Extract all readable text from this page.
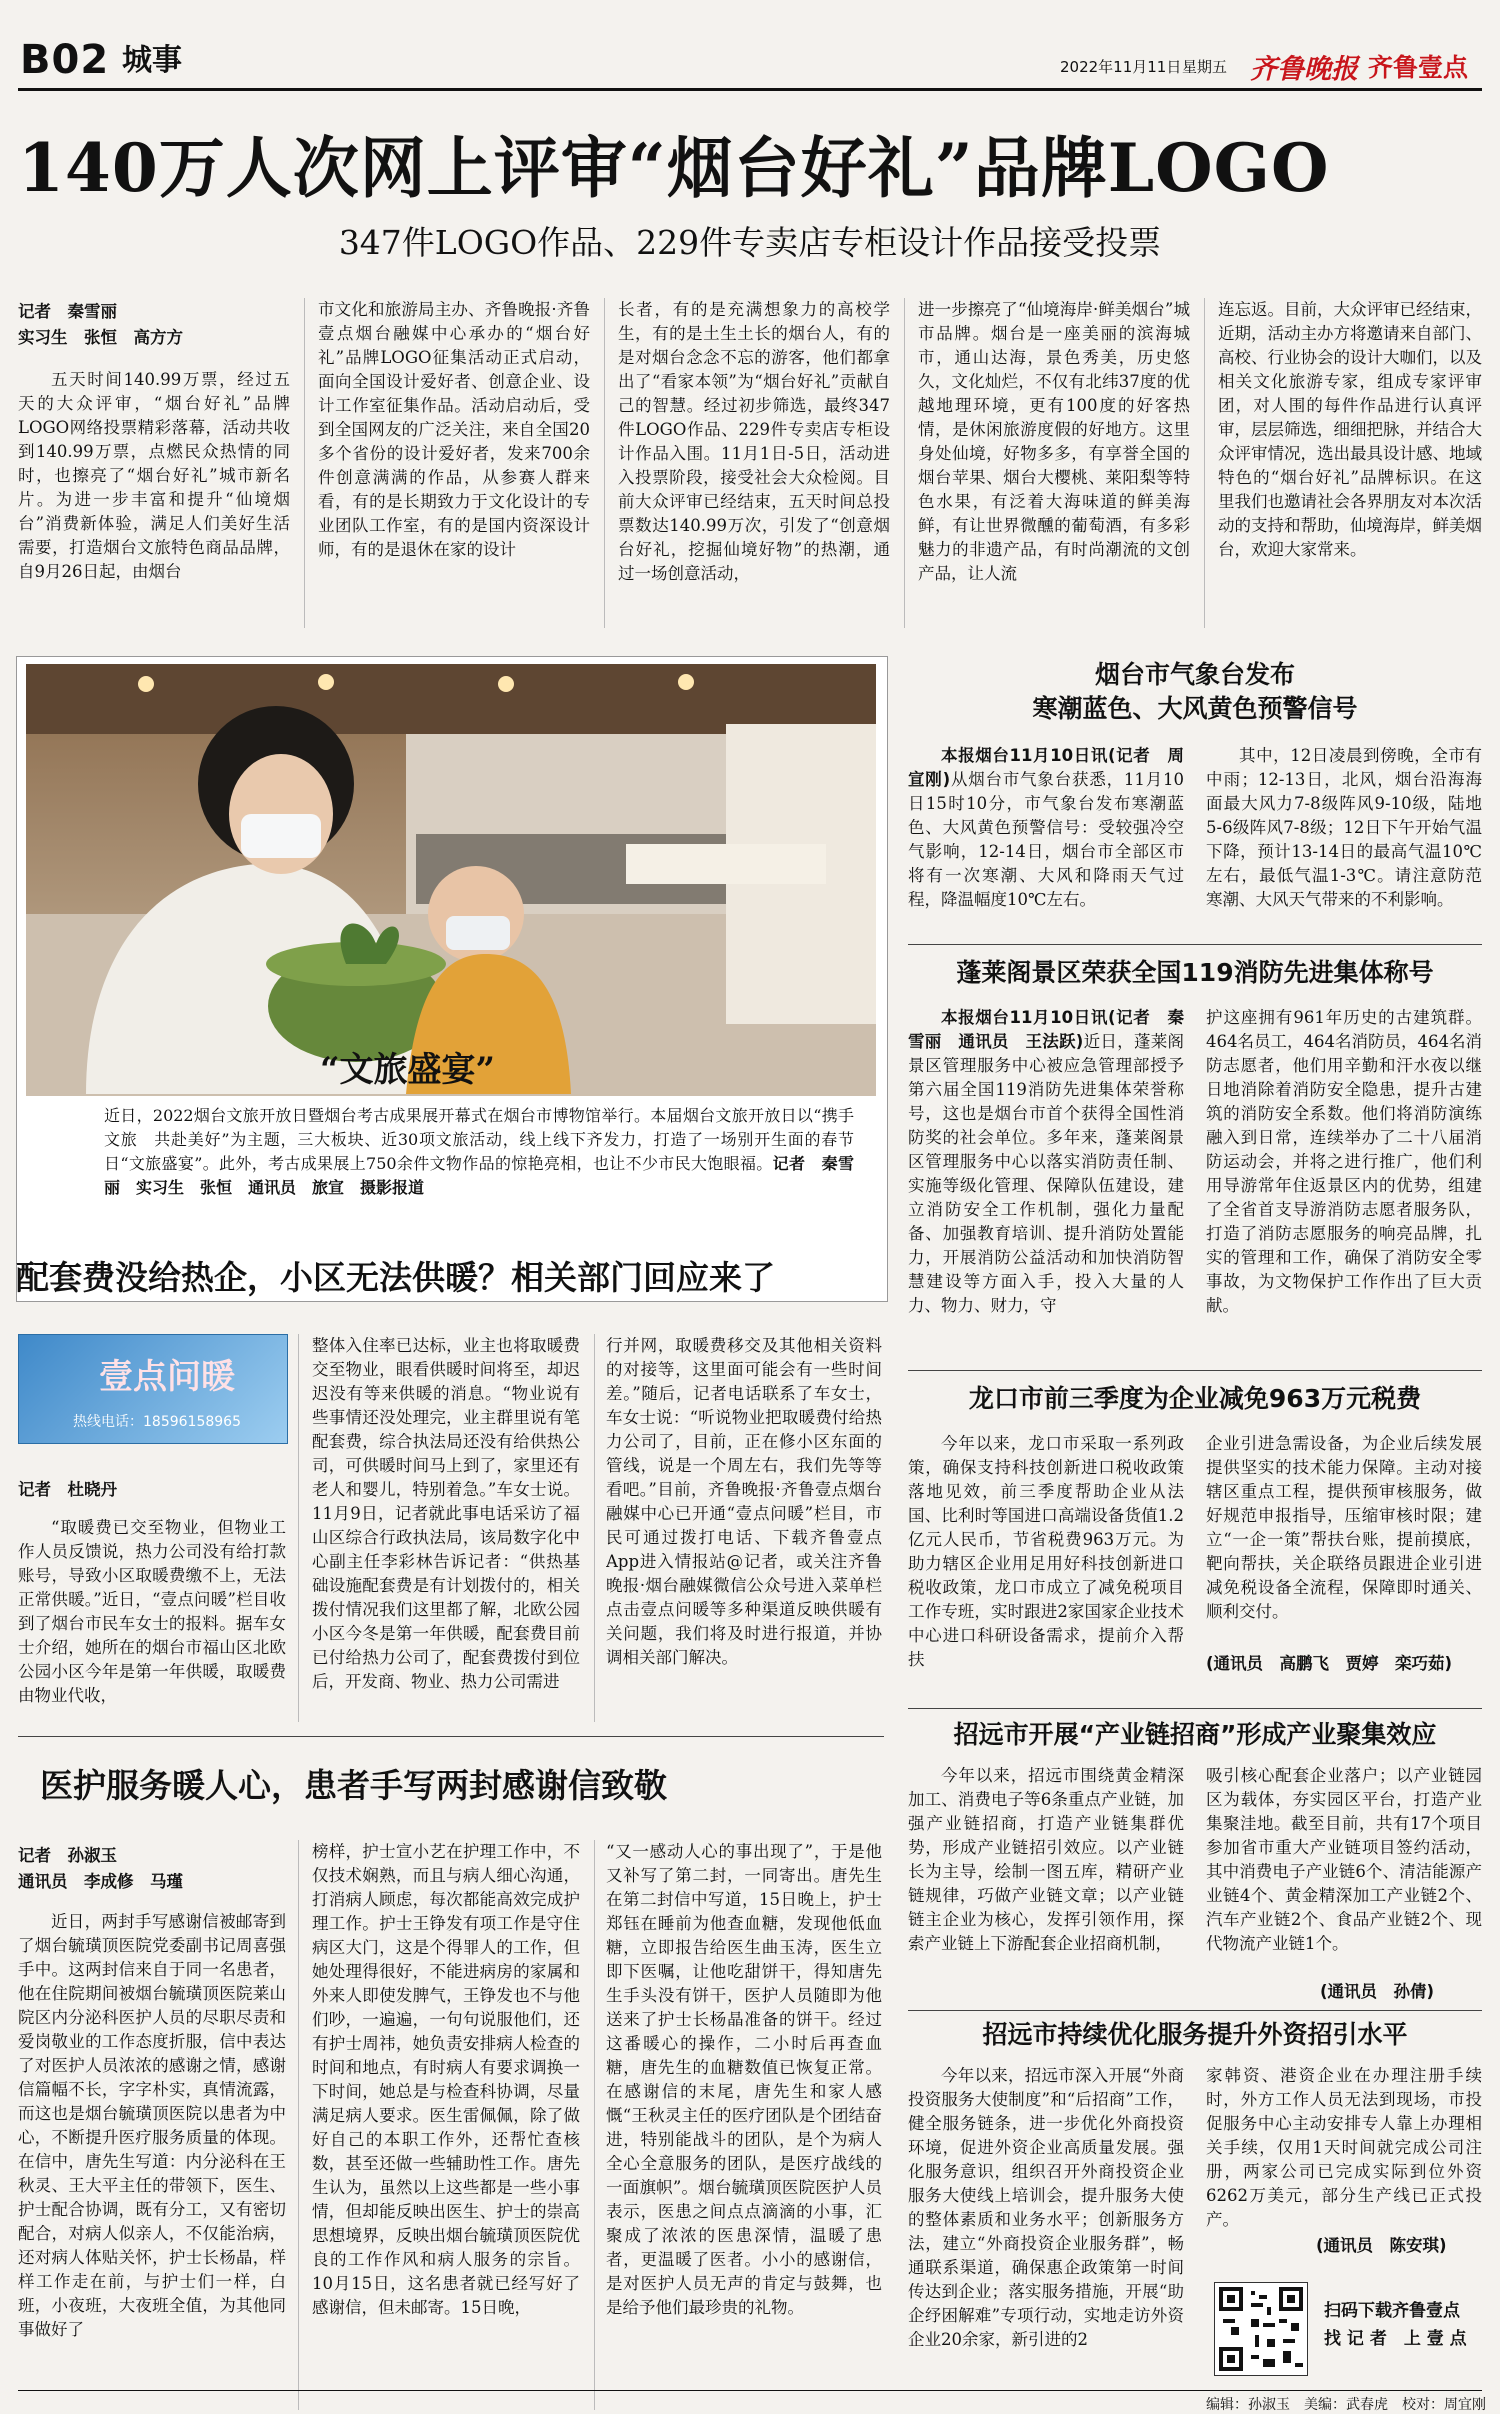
B02 城事	2022年11月11日 星期五 齐鲁晚报 齐鲁壹点
140万人次网上评审“烟台好礼”品牌LOGO
347件LOGO作品、229件专卖店专柜设计作品接受投票
记者　秦雪丽
实习生　张恒　高方方

五天时间140.99万票，经过五天的大众评审，“烟台好礼”品牌LOGO网络投票精彩落幕，活动共收到140.99万票，点燃民众热情的同时，也擦亮了“烟台好礼”城市新名片。为进一步丰富和提升“仙境烟台”消费新体验，满足人们美好生活需要，打造烟台文旅特色商品品牌，自9月26日起，由烟台

市文化和旅游局主办、齐鲁晚报·齐鲁壹点烟台融媒中心承办的“烟台好礼”品牌LOGO征集活动正式启动，面向全国设计爱好者、创意企业、设计工作室征集作品。活动启动后，受到全国网友的广泛关注，来自全国20多个省份的设计爱好者，发来700余件创意满满的作品，从参赛人群来看，有的是长期致力于文化设计的专业团队工作室，有的是国内资深设计师，有的是退休在家的设计

长者，有的是充满想象力的高校学生，有的是土生土长的烟台人，有的是对烟台念念不忘的游客，他们都拿出了“看家本领”为“烟台好礼”贡献自己的智慧。经过初步筛选，最终347件LOGO作品、229件专卖店专柜设计作品入围。11月1日-5日，活动进入投票阶段，接受社会大众检阅。目前大众评审已经结束，五天时间总投票数达140.99万次，引发了“创意烟台好礼，挖掘仙境好物”的热潮，通过一场创意活动，

进一步擦亮了“仙境海岸·鲜美烟台”城市品牌。烟台是一座美丽的滨海城市，通山达海，景色秀美，历史悠久，文化灿烂，不仅有北纬37度的优越地理环境，更有100度的好客热情，是休闲旅游度假的好地方。这里身处仙境，好物多多，有享誉全国的烟台苹果、烟台大樱桃、莱阳梨等特色水果，有泛着大海味道的鲜美海鲜，有让世界微醺的葡萄酒，有多彩魅力的非遗产品，有时尚潮流的文创产品，让人流

连忘返。目前，大众评审已经结束，近期，活动主办方将邀请来自部门、高校、行业协会的设计大咖们，以及相关文化旅游专家，组成专家评审团，对人围的每件作品进行认真评审，层层筛选，细细把脉，并结合大众评审情况，选出最具设计感、地域特色的“烟台好礼”品牌标识。在这里我们也邀请社会各界朋友对本次活动的支持和帮助，仙境海岸，鲜美烟台，欢迎大家常来。

“文旅盛宴”

近日，2022烟台文旅开放日暨烟台考古成果展开幕式在烟台市博物馆举行。本届烟台文旅开放日以“携手文旅　共赴美好”为主题，三大板块、近30项文旅活动，线上线下齐发力，打造了一场别开生面的春节日“文旅盛宴”。此外，考古成果展上750余件文物作品的惊艳亮相，也让不少市民大饱眼福。记者　秦雪丽　实习生　张恒　通讯员　旅宣　摄影报道

烟台市气象台发布
寒潮蓝色、大风黄色预警信号

本报烟台11月10日讯(记者　周宣刚)从烟台市气象台获悉，11月10日15时10分，市气象台发布寒潮蓝色、大风黄色预警信号：受较强冷空气影响，12-14日，烟台市全部区市将有一次寒潮、大风和降雨天气过程，降温幅度10℃左右。

其中，12日凌晨到傍晚，全市有中雨；12-13日，北风，烟台沿海海面最大风力7-8级阵风9-10级，陆地5-6级阵风7-8级；12日下午开始气温下降，预计13-14日的最高气温10℃左右，最低气温1-3℃。请注意防范寒潮、大风天气带来的不利影响。

蓬莱阁景区荣获全国119消防先进集体称号

本报烟台11月10日讯(记者　秦雪丽　通讯员　王法跃)近日，蓬莱阁景区管理服务中心被应急管理部授予第六届全国119消防先进集体荣誉称号，这也是烟台市首个获得全国性消防奖的社会单位。多年来，蓬莱阁景区管理服务中心以落实消防责任制、实施等级化管理、保障队伍建设，建立消防安全工作机制，强化力量配备、加强教育培训、提升消防处置能力，开展消防公益活动和加快消防智慧建设等方面入手，投入大量的人力、物力、财力，守

护这座拥有961年历史的古建筑群。464名员工，464名消防员，464名消防志愿者，他们用辛勤和汗水夜以继日地消除着消防安全隐患，提升古建筑的消防安全系数。他们将消防演练融入到日常，连续举办了二十八届消防运动会，并将之进行推广，他们利用导游常年住返景区内的优势，组建了全省首支导游消防志愿者服务队，打造了消防志愿服务的响亮品牌，扎实的管理和工作，确保了消防安全零事故，为文物保护工作作出了巨大贡献。

配套费没给热企，小区无法供暖？相关部门回应来了
壹点问暖
热线电话：18596158965
记者　杜晓丹

“取暖费已交至物业，但物业工作人员反馈说，热力公司没有给打款账号，导致小区取暖费缴不上，无法正常供暖。”近日，“壹点问暖”栏目收到了烟台市民车女士的报料。据车女士介绍，她所在的烟台市福山区北欧公园小区今年是第一年供暖，取暖费由物业代收，

整体入住率已达标，业主也将取暖费交至物业，眼看供暖时间将至，却迟迟没有等来供暖的消息。“物业说有些事情还没处理完，业主群里说有笔配套费，综合执法局还没有给供热公司，可供暖时间马上到了，家里还有老人和婴儿，特别着急。”车女士说。11月9日，记者就此事电话采访了福山区综合行政执法局，该局数字化中心副主任李彩林告诉记者：“供热基础设施配套费是有计划拨付的，相关拨付情况我们这里都了解，北欧公园小区今冬是第一年供暖，配套费目前已付给热力公司了，配套费拨付到位后，开发商、物业、热力公司需进

行并网，取暖费移交及其他相关资料的对接等，这里面可能会有一些时间差。”随后，记者电话联系了车女士，车女士说：“听说物业把取暖费付给热力公司了，目前，正在修小区东面的管线，说是一个周左右，我们先等等看吧。”目前，齐鲁晚报·齐鲁壹点烟台融媒中心已开通“壹点问暖”栏目，市民可通过拨打电话、下载齐鲁壹点App进入情报站@记者，或关注齐鲁晚报·烟台融媒微信公众号进入菜单栏点击壹点问暖等多种渠道反映供暖有关问题，我们将及时进行报道，并协调相关部门解决。

医护服务暖人心，患者手写两封感谢信致敬
记者　孙淑玉
通讯员　李成修　马瑾

近日，两封手写感谢信被邮寄到了烟台毓璜顶医院党委副书记周喜强手中。这两封信来自于同一名患者，他在住院期间被烟台毓璜顶医院莱山院区内分泌科医护人员的尽职尽责和爱岗敬业的工作态度折服，信中表达了对医护人员浓浓的感谢之情，感谢信篇幅不长，字字朴实，真情流露，而这也是烟台毓璜顶医院以患者为中心，不断提升医疗服务质量的体现。在信中，唐先生写道：内分泌科在王秋灵、王大平主任的带领下，医生、护士配合协调，既有分工，又有密切配合，对病人似亲人，不仅能治病，还对病人体贴关怀，护士长杨晶，样样工作走在前，与护士们一样，白班，小夜班，大夜班全值，为其他同事做好了

榜样，护士宣小艺在护理工作中，不仅技术娴熟，而且与病人细心沟通，打消病人顾虑，每次都能高效完成护理工作。护士王铮发有项工作是守住病区大门，这是个得罪人的工作，但她处理得很好，不能进病房的家属和外来人即使发脾气，王铮发也不与他们吵，一遍遍，一句句说服他们，还有护士周祎，她负责安排病人检查的时间和地点，有时病人有要求调换一下时间，她总是与检查科协调，尽量满足病人要求。医生雷佩佩，除了做好自己的本职工作外，还帮忙查核数，甚至还做一些辅助性工作。唐先生认为，虽然以上这些都是一些小事情，但却能反映出医生、护士的崇高思想境界，反映出烟台毓璜顶医院优良的工作作风和病人服务的宗旨。10月15日，这名患者就已经写好了感谢信，但未邮寄。15日晚，

“又一感动人心的事出现了”，于是他又补写了第二封，一同寄出。唐先生在第二封信中写道，15日晚上，护士郑钰在睡前为他查血糖，发现他低血糖，立即报告给医生曲玉涛，医生立即下医嘱，让他吃甜饼干，得知唐先生手头没有饼干，医护人员随即为他送来了护士长杨晶准备的饼干。经过这番暖心的操作，二小时后再查血糖，唐先生的血糖数值已恢复正常。在感谢信的末尾，唐先生和家人感慨“王秋灵主任的医疗团队是个团结奋进，特别能战斗的团队，是个为病人全心全意服务的团队，是医疗战线的一面旗帜”。烟台毓璜顶医院医护人员表示，医患之间点点滴滴的小事，汇聚成了浓浓的医患深情，温暖了患者，更温暖了医者。小小的感谢信，是对医护人员无声的肯定与鼓舞，也是给予他们最珍贵的礼物。

龙口市前三季度为企业减免963万元税费

今年以来，龙口市采取一系列政策，确保支持科技创新进口税收政策落地见效，前三季度帮助企业从法国、比利时等国进口高端设备货值1.2亿元人民币，节省税费963万元。为助力辖区企业用足用好科技创新进口税收政策，龙口市成立了减免税项目工作专班，实时跟进2家国家企业技术中心进口科研设备需求，提前介入帮扶

企业引进急需设备，为企业后续发展提供坚实的技术能力保障。主动对接辖区重点工程，提供预审核服务，做好规范申报指导，压缩审核时限；建立“一企一策”帮扶台账，提前摸底，靶向帮扶，关企联络员跟进企业引进减免税设备全流程，保障即时通关、顺利交付。

(通讯员　高鹏飞　贾婷　栾巧茹)
招远市开展“产业链招商”形成产业聚集效应

今年以来，招远市围绕黄金精深加工、消费电子等6条重点产业链，加强产业链招商，打造产业链集群优势，形成产业链招引效应。以产业链长为主导，绘制一图五库，精研产业链规律，巧做产业链文章；以产业链链主企业为核心，发挥引领作用，探索产业链上下游配套企业招商机制，

吸引核心配套企业落户；以产业链园区为载体，夯实园区平台，打造产业集聚洼地。截至目前，共有17个项目参加省市重大产业链项目签约活动，其中消费电子产业链6个、清洁能源产业链4个、黄金精深加工产业链2个、汽车产业链2个、食品产业链2个、现代物流产业链1个。

(通讯员　孙倩)
招远市持续优化服务提升外资招引水平

今年以来，招远市深入开展“外商投资服务大使制度”和“后招商”工作，健全服务链条，进一步优化外商投资环境，促进外资企业高质量发展。强化服务意识，组织召开外商投资企业服务大使线上培训会，提升服务大使的整体素质和业务水平；创新服务方法，建立“外商投资企业服务群”，畅通联系渠道，确保惠企政策第一时间传达到企业；落实服务措施，开展“助企纾困解难”专项行动，实地走访外资企业20余家，新引进的2

家韩资、港资企业在办理注册手续时，外方工作人员无法到现场，市投促服务中心主动安排专人靠上办理相关手续，仅用1天时间就完成公司注册，两家公司已完成实际到位外资6262万美元，部分生产线已正式投产。

(通讯员　陈安琪)
扫码下载齐鲁壹点
找 记 者　上 壹 点
编辑：孙淑玉　美编：武春虎　校对：周宜刚
